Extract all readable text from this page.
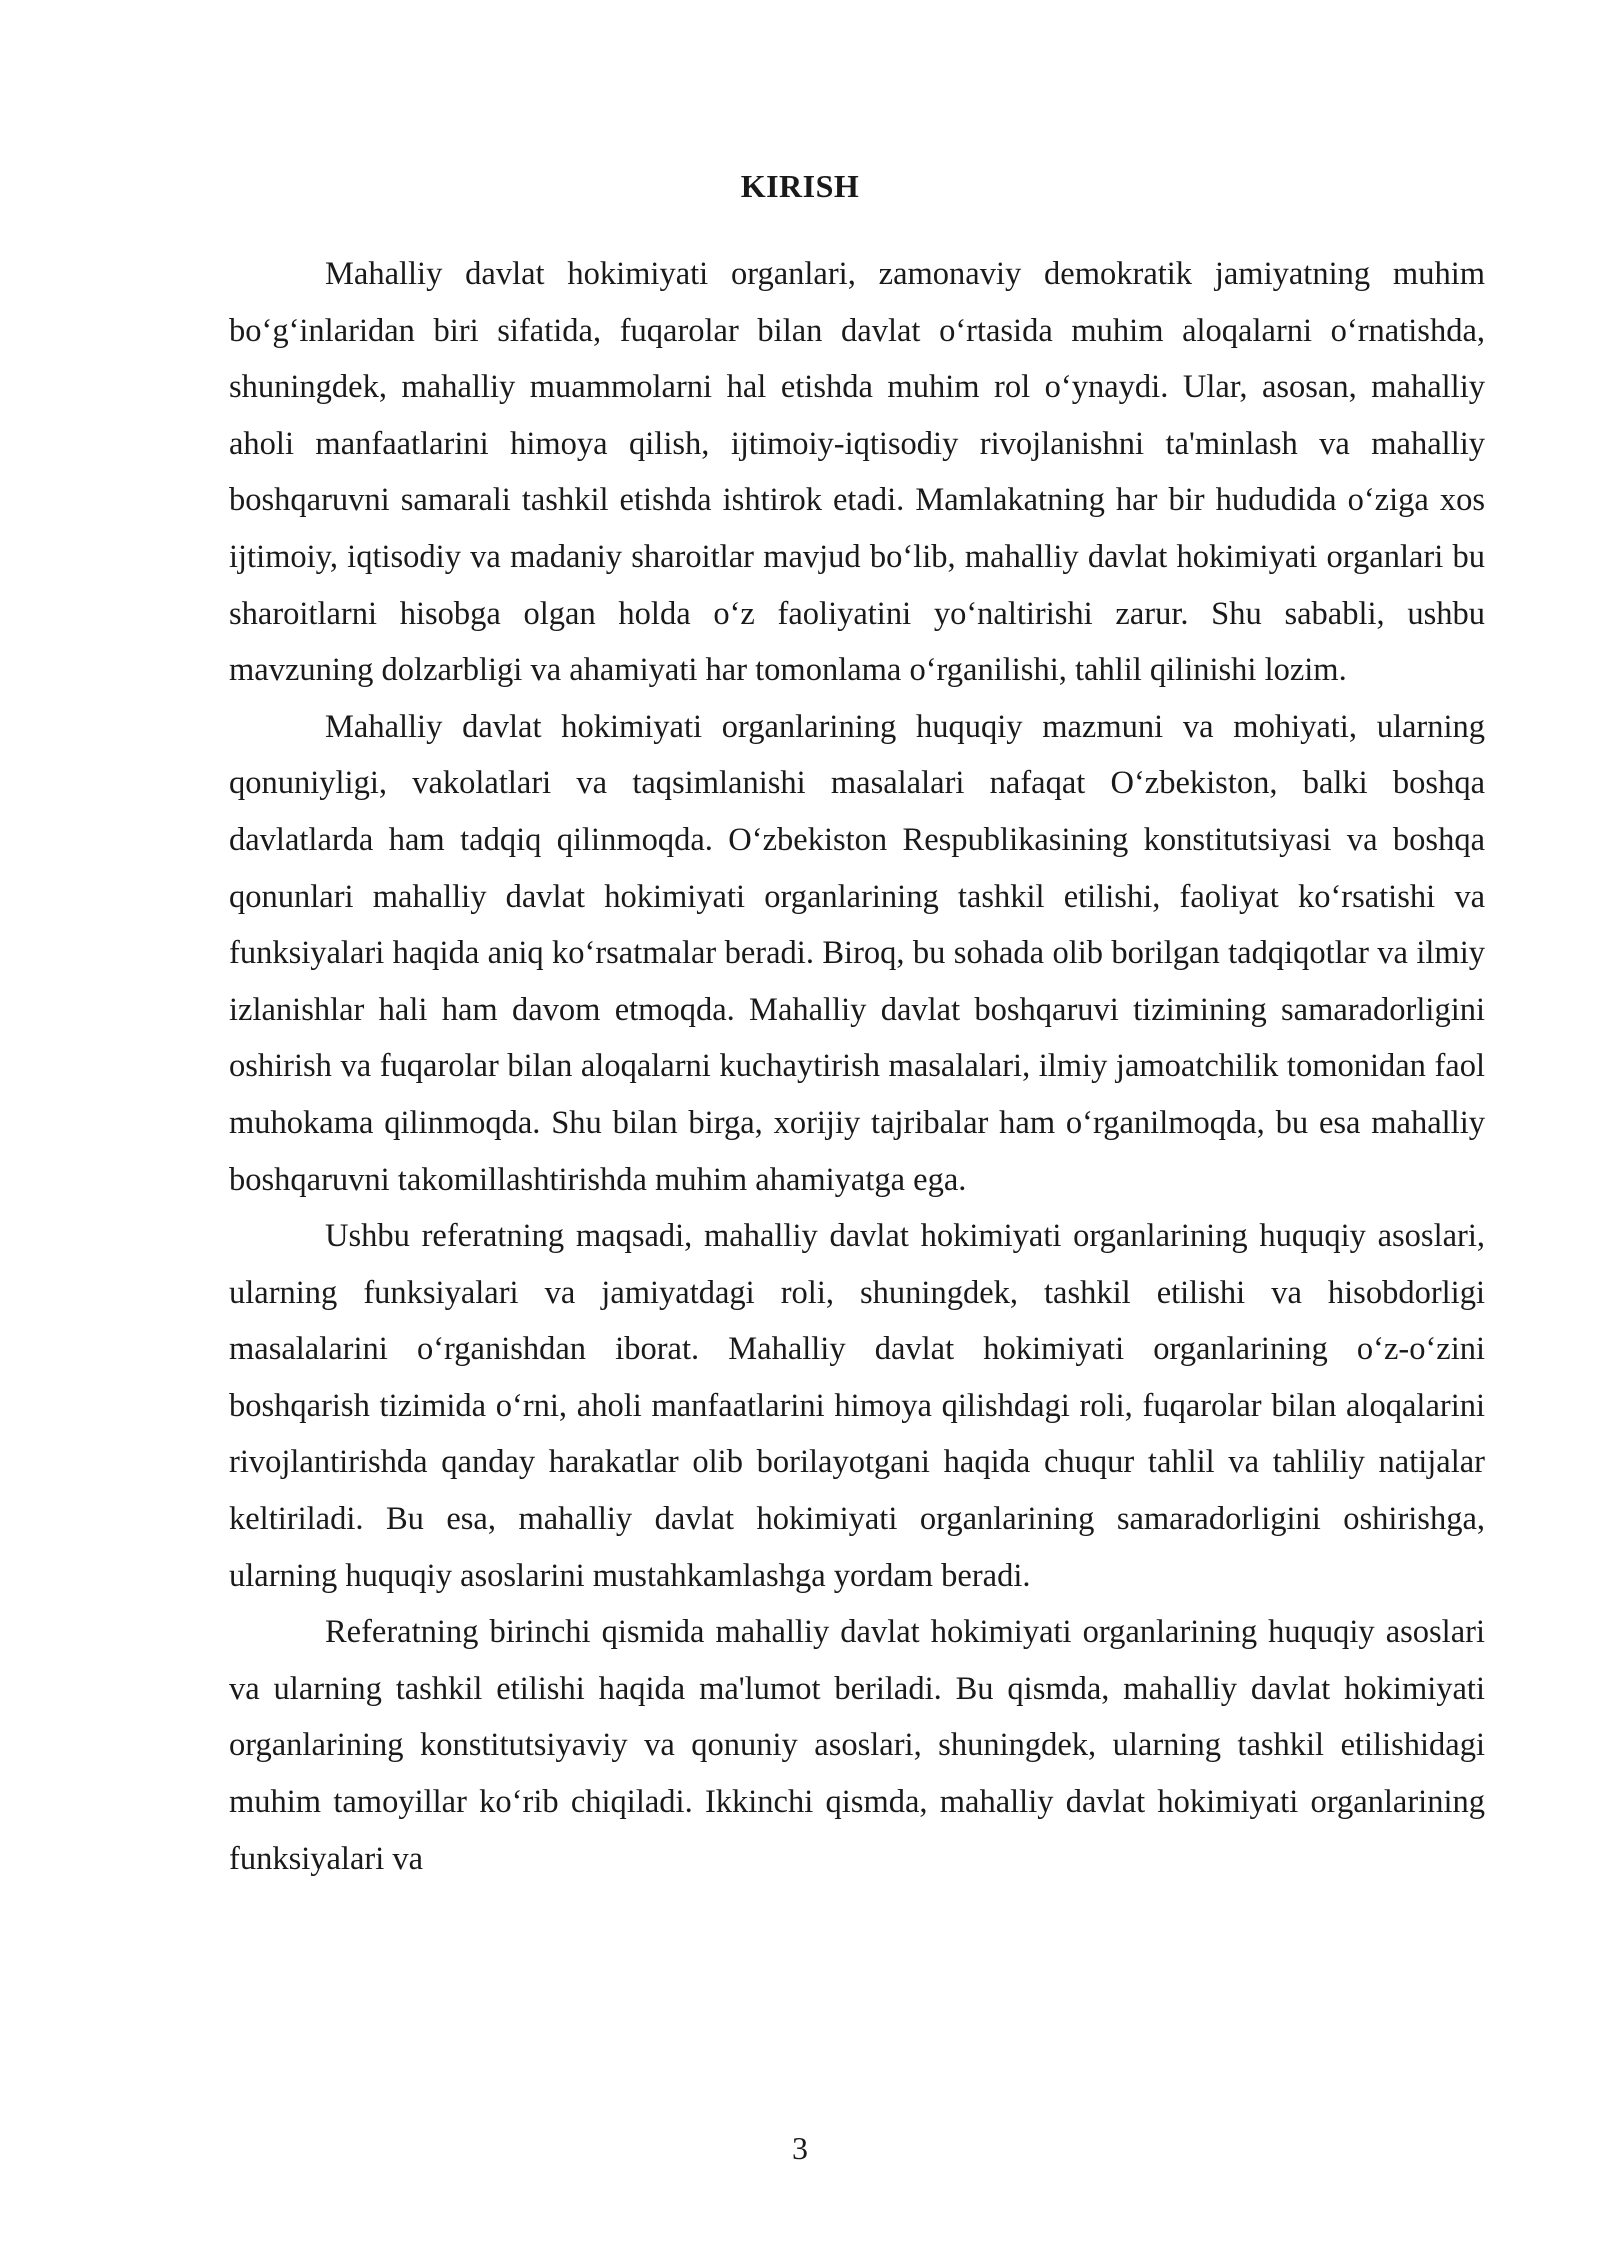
KIRISH

Mahalliy davlat hokimiyati organlari, zamonaviy demokratik jamiyatning muhim bo‘g‘inlaridan biri sifatida, fuqarolar bilan davlat o‘rtasida muhim aloqalarni o‘rnatishda, shuningdek, mahalliy muammolarni hal etishda muhim rol o‘ynaydi. Ular, asosan, mahalliy aholi manfaatlarini himoya qilish, ijtimoiy-iqtisodiy rivojlanishni ta'minlash va mahalliy boshqaruvni samarali tashkil etishda ishtirok etadi. Mamlakatning har bir hududida o‘ziga xos ijtimoiy, iqtisodiy va madaniy sharoitlar mavjud bo‘lib, mahalliy davlat hokimiyati organlari bu sharoitlarni hisobga olgan holda o‘z faoliyatini yo‘naltirishi zarur. Shu sababli, ushbu mavzuning dolzarbligi va ahamiyati har tomonlama o‘rganilishi, tahlil qilinishi lozim.

Mahalliy davlat hokimiyati organlarining huquqiy mazmuni va mohiyati, ularning qonuniyligi, vakolatlari va taqsimlanishi masalalari nafaqat O‘zbekiston, balki boshqa davlatlarda ham tadqiq qilinmoqda. O‘zbekiston Respublikasining konstitutsiyasi va boshqa qonunlari mahalliy davlat hokimiyati organlarining tashkil etilishi, faoliyat ko‘rsatishi va funksiyalari haqida aniq ko‘rsatmalar beradi. Biroq, bu sohada olib borilgan tadqiqotlar va ilmiy izlanishlar hali ham davom etmoqda. Mahalliy davlat boshqaruvi tizimining samaradorligini oshirish va fuqarolar bilan aloqalarni kuchaytirish masalalari, ilmiy jamoatchilik tomonidan faol muhokama qilinmoqda. Shu bilan birga, xorijiy tajribalar ham o‘rganilmoqda, bu esa mahalliy boshqaruvni takomillashtirishda muhim ahamiyatga ega.

Ushbu referatning maqsadi, mahalliy davlat hokimiyati organlarining huquqiy asoslari, ularning funksiyalari va jamiyatdagi roli, shuningdek, tashkil etilishi va hisobdorligi masalalarini o‘rganishdan iborat. Mahalliy davlat hokimiyati organlarining o‘z-o‘zini boshqarish tizimida o‘rni, aholi manfaatlarini himoya qilishdagi roli, fuqarolar bilan aloqalarini rivojlantirishda qanday harakatlar olib borilayotgani haqida chuqur tahlil va tahliliy natijalar keltiriladi. Bu esa, mahalliy davlat hokimiyati organlarining samaradorligini oshirishga, ularning huquqiy asoslarini mustahkamlashga yordam beradi.

Referatning birinchi qismida mahalliy davlat hokimiyati organlarining huquqiy asoslari va ularning tashkil etilishi haqida ma'lumot beriladi. Bu qismda, mahalliy davlat hokimiyati organlarining konstitutsiyaviy va qonuniy asoslari, shuningdek, ularning tashkil etilishidagi muhim tamoyillar ko‘rib chiqiladi. Ikkinchi qismda, mahalliy davlat hokimiyati organlarining funksiyalari va

3
